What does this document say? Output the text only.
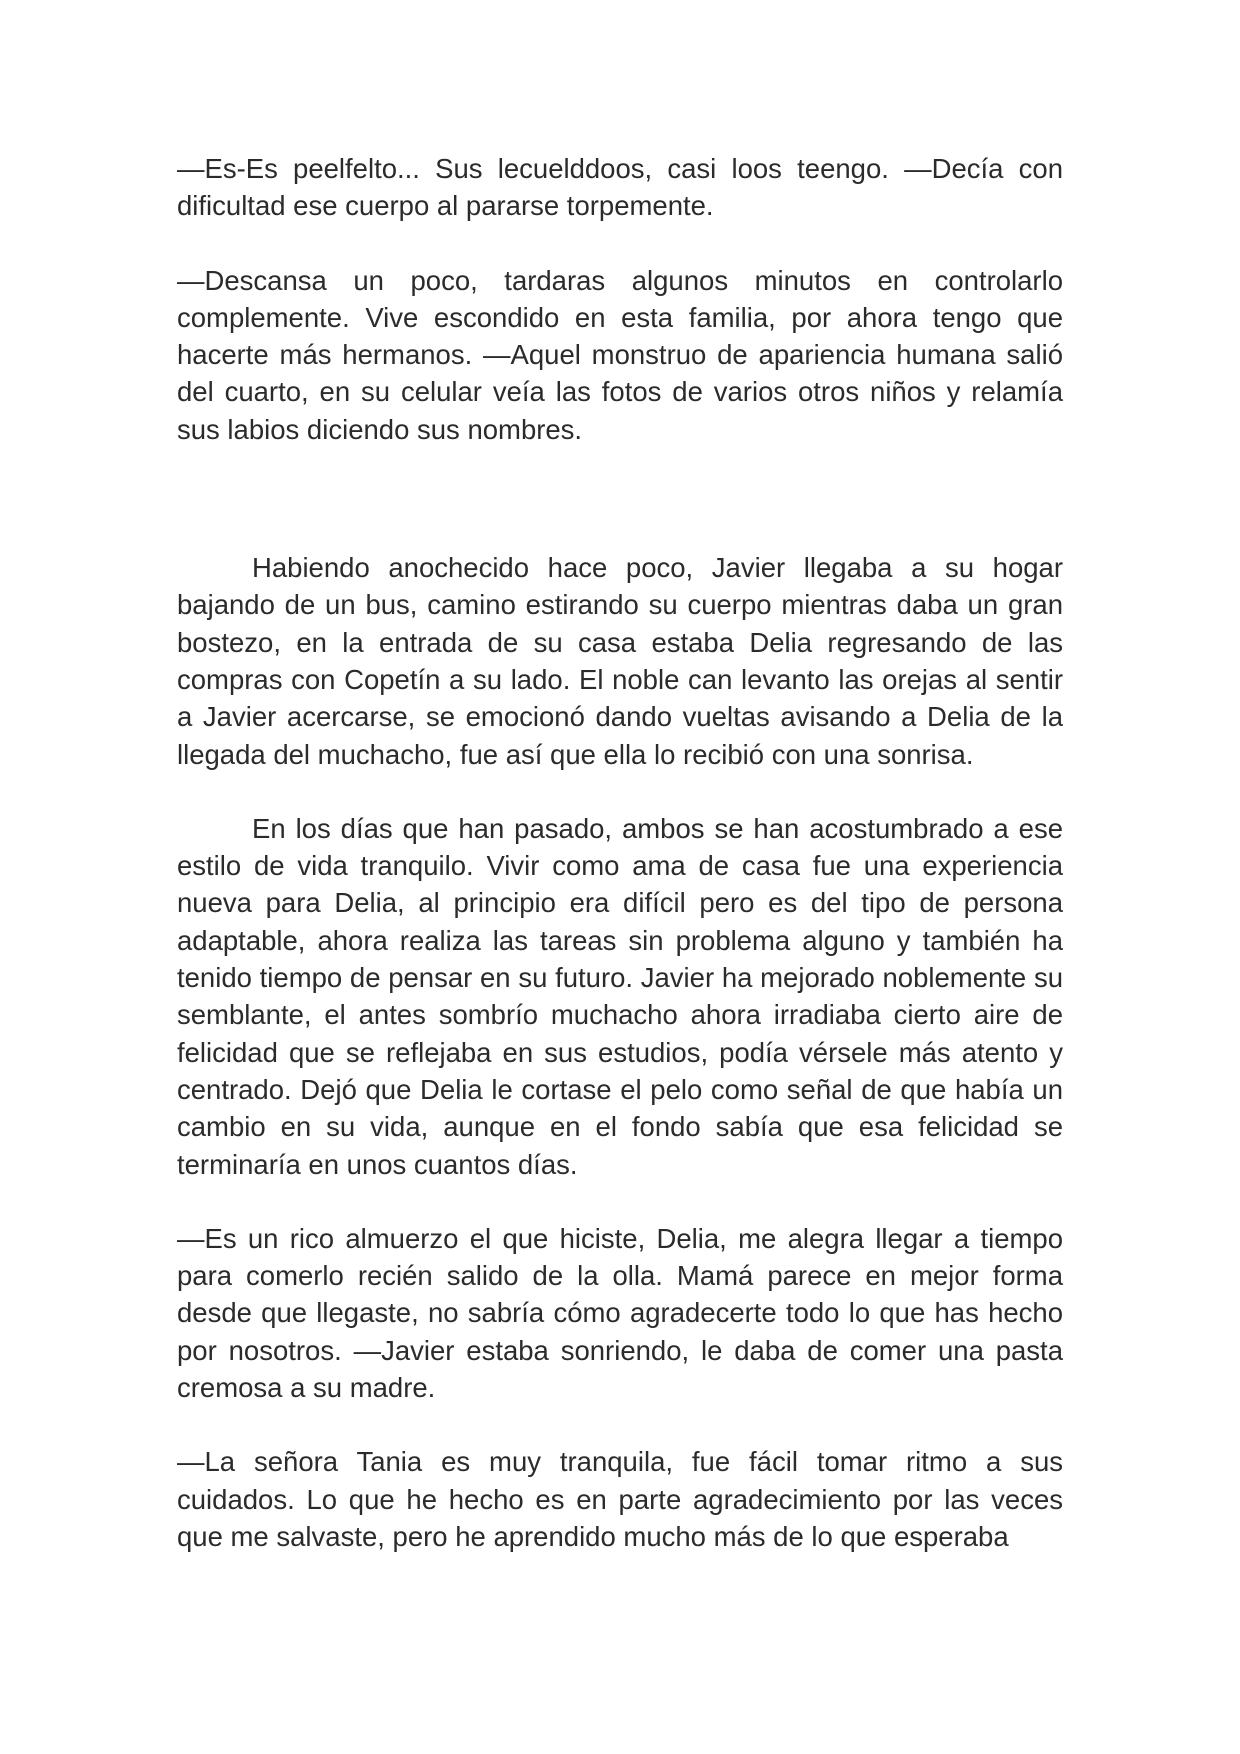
—Es-Es peelfelto... Sus lecuelddoos, casi loos teengo. —Decía con dificultad ese cuerpo al pararse torpemente.

—Descansa un poco, tardaras algunos minutos en controlarlo complemente. Vive escondido en esta familia, por ahora tengo que hacerte más hermanos. —Aquel monstruo de apariencia humana salió del cuarto, en su celular veía las fotos de varios otros niños y relamía sus labios diciendo sus nombres.

Habiendo anochecido hace poco, Javier llegaba a su hogar bajando de un bus, camino estirando su cuerpo mientras daba un gran bostezo, en la entrada de su casa estaba Delia regresando de las compras con Copetín a su lado. El noble can levanto las orejas al sentir a Javier acercarse, se emocionó dando vueltas avisando a Delia de la llegada del muchacho, fue así que ella lo recibió con una sonrisa.

En los días que han pasado, ambos se han acostumbrado a ese estilo de vida tranquilo. Vivir como ama de casa fue una experiencia nueva para Delia, al principio era difícil pero es del tipo de persona adaptable, ahora realiza las tareas sin problema alguno y también ha tenido tiempo de pensar en su futuro. Javier ha mejorado noblemente su semblante, el antes sombrío muchacho ahora irradiaba cierto aire de felicidad que se reflejaba en sus estudios, podía vérsele más atento y centrado. Dejó que Delia le cortase el pelo como señal de que había un cambio en su vida, aunque en el fondo sabía que esa felicidad se terminaría en unos cuantos días.

—Es un rico almuerzo el que hiciste, Delia, me alegra llegar a tiempo para comerlo recién salido de la olla. Mamá parece en mejor forma desde que llegaste, no sabría cómo agradecerte todo lo que has hecho por nosotros. —Javier estaba sonriendo, le daba de comer una pasta cremosa a su madre.

—La señora Tania es muy tranquila, fue fácil tomar ritmo a sus cuidados. Lo que he hecho es en parte agradecimiento por las veces que me salvaste, pero he aprendido mucho más de lo que esperaba
